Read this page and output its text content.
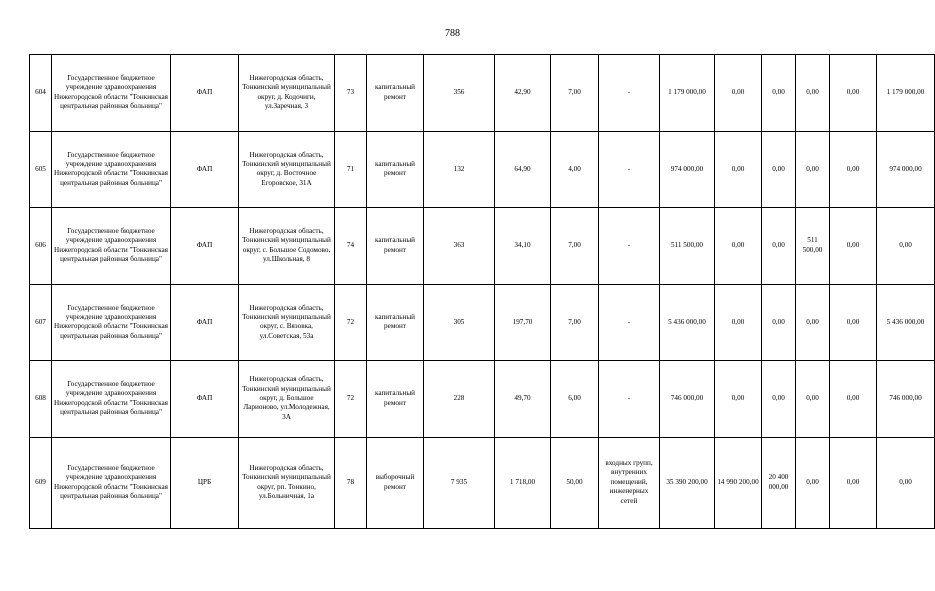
788
604	Государственное бюджетное учреждение здравоохранения Нижегородской области "Тонкинская центральная районная больница"	ФАП	Нижегородская область, Тонкинский муниципальный округ, д. Кодочиги, ул.Заречная, 3	73	капитальный ремонт	356	42,90	7,00	-	1 179 000,00	0,00	0,00	0,00	0,00	1 179 000,00
605	Государственное бюджетное учреждение здравоохранения Нижегородской области "Тонкинская центральная районная больница"	ФАП	Нижегородская область, Тонкинский муниципальный округ, д. Восточное Егоровское, 31А	71	капитальный ремонт	132	64,90	4,00	-	974 000,00	0,00	0,00	0,00	0,00	974 000,00
606	Государственное бюджетное учреждение здравоохранения Нижегородской области "Тонкинская центральная районная больница"	ФАП	Нижегородская область, Тонкинский муниципальный округ, с. Большое Содомово, ул.Школьная, 8	74	капитальный ремонт	363	34,10	7,00	-	511 500,00	0,00	0,00	511 500,00	0,00	0,00
607	Государственное бюджетное учреждение здравоохранения Нижегородской области "Тонкинская центральная районная больница"	ФАП	Нижегородская область, Тонкинский муниципальный округ, с. Вязовка, ул.Советская, 53а	72	капитальный ремонт	305	197,70	7,00	-	5 436 000,00	0,00	0,00	0,00	0,00	5 436 000,00
608	Государственное бюджетное учреждение здравоохранения Нижегородской области "Тонкинская центральная районная больница"	ФАП	Нижегородская область, Тонкинский муниципальный округ, д. Большое Ларионово, ул.Молодежная, 3А	72	капитальный ремонт	228	49,70	6,00	-	746 000,00	0,00	0,00	0,00	0,00	746 000,00
609	Государственное бюджетное учреждение здравоохранения Нижегородской области "Тонкинская центральная районная больница"	ЦРБ	Нижегородская область, Тонкинский муниципальный округ, рп. Тонкино, ул.Больничная, 1а	78	выборочный ремонт	7 935	1 718,00	50,00	входных групп, внутренних помещений, инженерных сетей	35 390 200,00	14 990 200,00	20 400 000,00	0,00	0,00	0,00
